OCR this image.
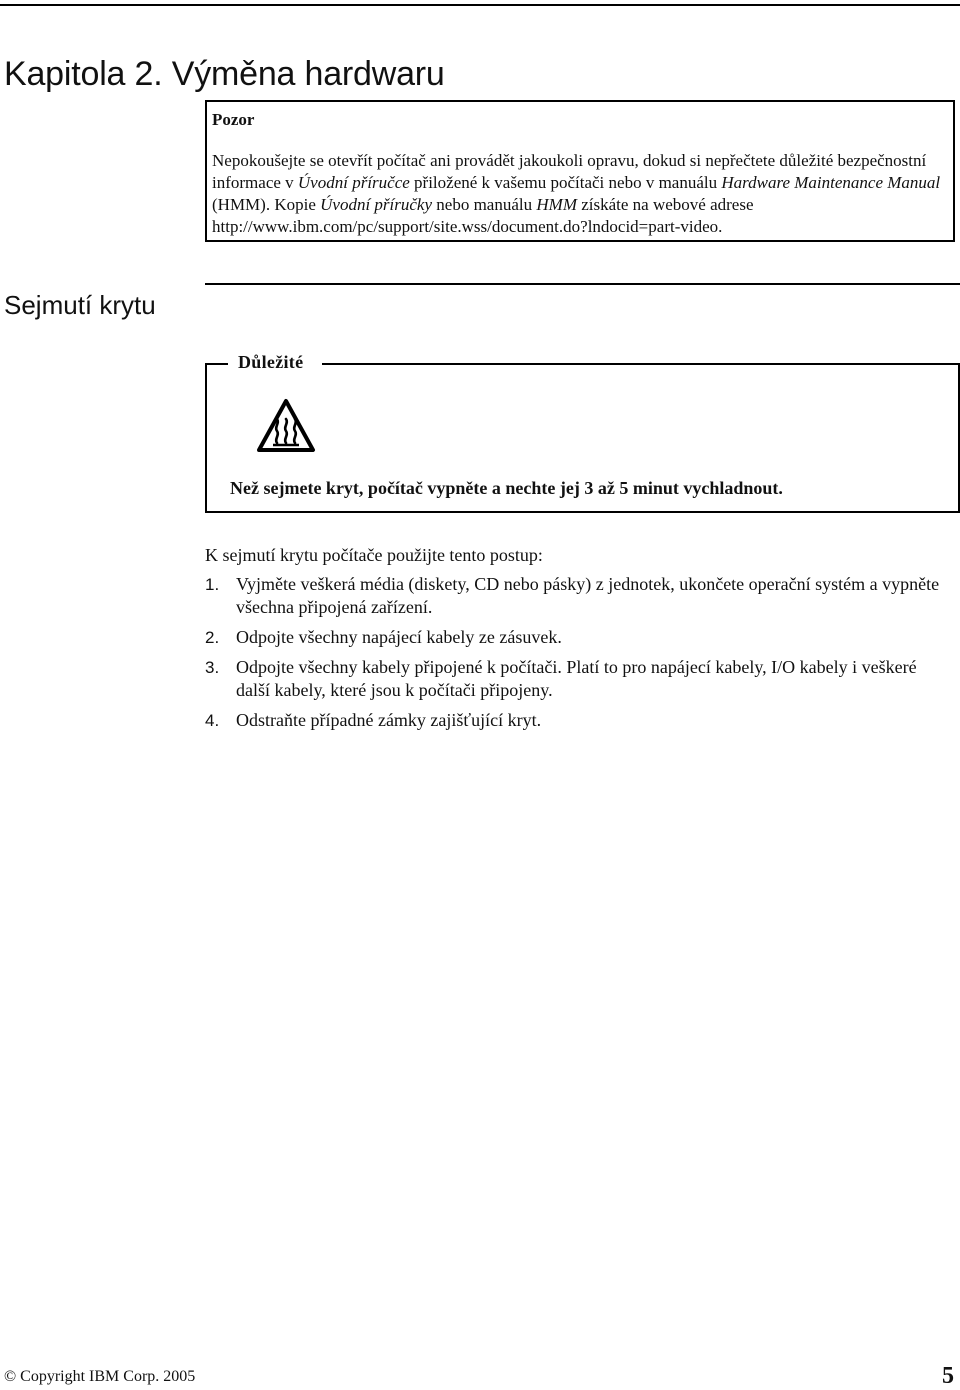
Kapitola 2. Výměna hardwaru
Pozor

Nepokoušejte se otevřít počítač ani provádět jakoukoli opravu, dokud si nepřečtete důležité bezpečnostní informace v Úvodní příručce přiložené k vašemu počítači nebo v manuálu Hardware Maintenance Manual (HMM). Kopie Úvodní příručky nebo manuálu HMM získáte na webové adrese http://www.ibm.com/pc/support/site.wss/document.do?lndocid=part-video.

Sejmutí krytu
Důležité
Než sejmete kryt, počítač vypněte a nechte jej 3 až 5 minut vychladnout.
K sejmutí krytu počítače použijte tento postup:
1. Vyjměte veškerá média (diskety, CD nebo pásky) z jednotek, ukončete operační systém a vypněte všechna připojená zařízení.
2. Odpojte všechny napájecí kabely ze zásuvek.
3. Odpojte všechny kabely připojené k počítači. Platí to pro napájecí kabely, I/O kabely i veškeré další kabely, které jsou k počítači připojeny.
4. Odstraňte případné zámky zajišťující kryt.
© Copyright IBM Corp. 2005	5
